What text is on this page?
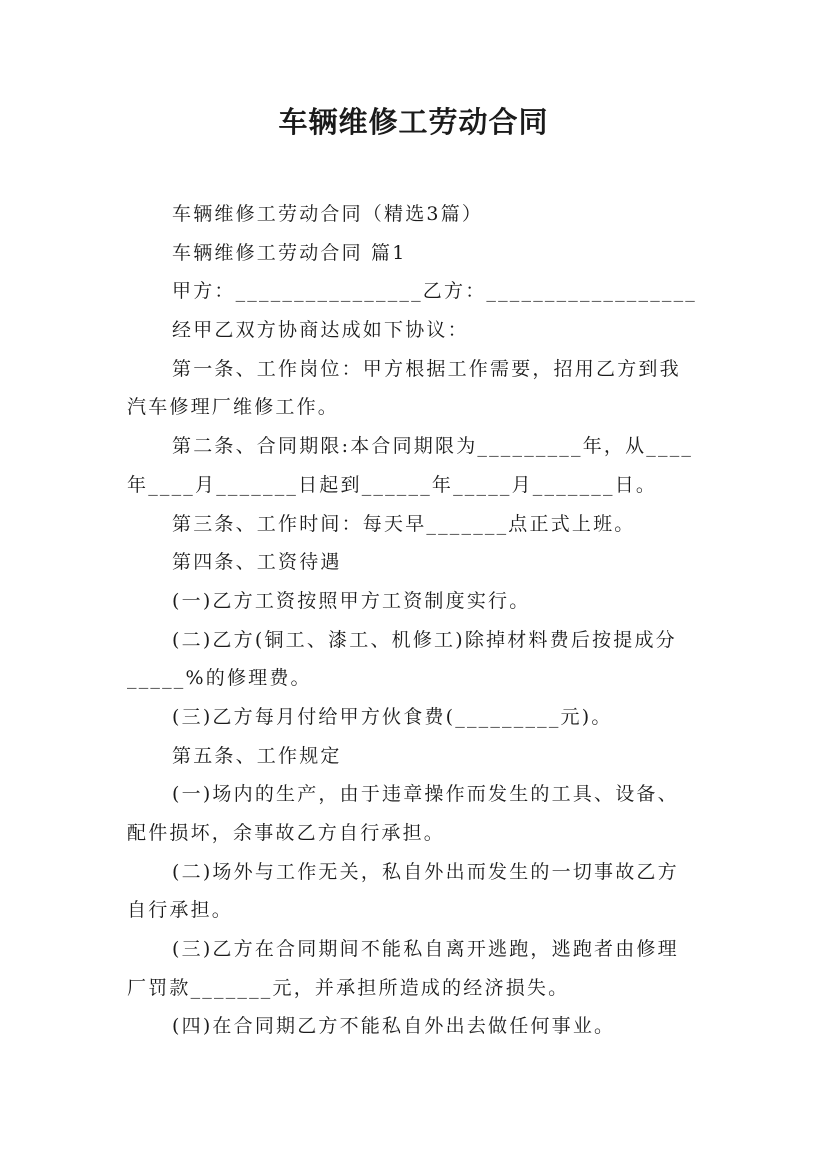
车辆维修工劳动合同
车辆维修工劳动合同（精选3篇）
车辆维修工劳动合同 篇1
甲方：________________乙方：__________________
经甲乙双方协商达成如下协议：
第一条、工作岗位：甲方根据工作需要，招用乙方到我
汽车修理厂维修工作。
第二条、合同期限:本合同期限为_________年，从____
年____月_______日起到______年_____月_______日。
第三条、工作时间：每天早_______点正式上班。
第四条、工资待遇
(一)乙方工资按照甲方工资制度实行。
(二)乙方(铜工、漆工、机修工)除掉材料费后按提成分
_____%的修理费。
(三)乙方每月付给甲方伙食费(_________元)。
第五条、工作规定
(一)场内的生产，由于违章操作而发生的工具、设备、
配件损坏，余事故乙方自行承担。
(二)场外与工作无关，私自外出而发生的一切事故乙方
自行承担。
(三)乙方在合同期间不能私自离开逃跑，逃跑者由修理
厂罚款_______元，并承担所造成的经济损失。
(四)在合同期乙方不能私自外出去做任何事业。
